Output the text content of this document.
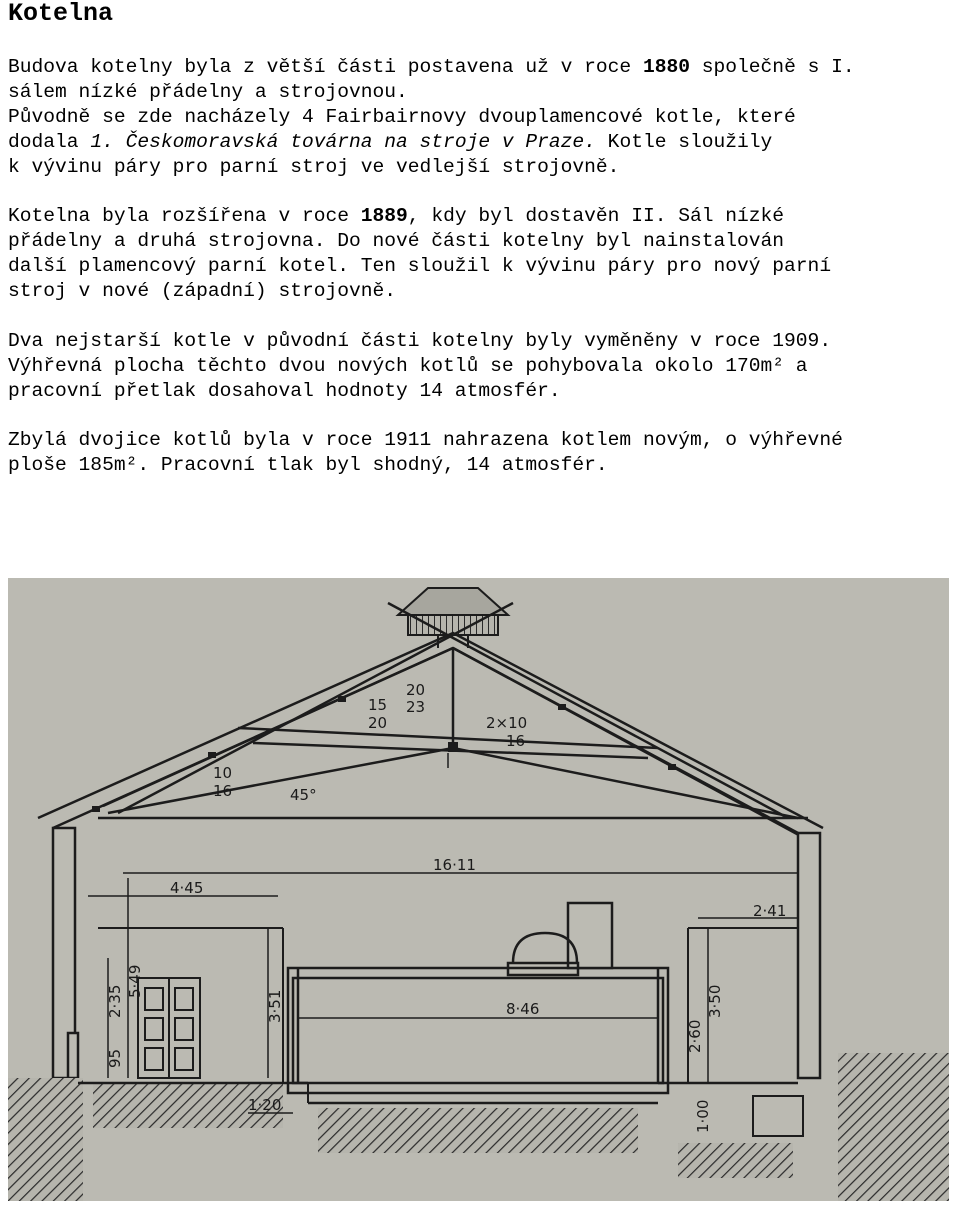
Kotelna

Budova kotelny byla z větší části postavena už v roce 1880 společně s I.
sálem nízké přádelny a strojovnou.
Původně se zde nacházely 4 Fairbairnovy dvouplamencové kotle, které
dodala 1. Českomoravská továrna na stroje v Praze. Kotle sloužily
k vývinu páry pro parní stroj ve vedlejší strojovně.

Kotelna byla rozšířena v roce 1889, kdy byl dostavěn II. Sál nízké
přádelny a druhá strojovna. Do nové části kotelny byl nainstalován
další plamencový parní kotel. Ten sloužil k vývinu páry pro nový parní
stroj v nové (západní) strojovně.

Dva nejstarší kotle v původní části kotelny byly vyměněny v roce 1909.
Výhřevná plocha těchto dvou nových kotlů se pohybovala okolo 170m² a
pracovní přetlak dosahoval hodnoty 14 atmosfér.

Zbylá dvojice kotlů byla v roce 1911 nahrazena kotlem novým, o výhřevné
ploše 185m². Pracovní tlak byl shodný, 14 atmosfér.

16·11
4·45
2·41
8·46
1·20
5·49
2·35
95
3·51
2·60
3·50
1·00
10
16
15
20
20
23
2×10
16
45°
